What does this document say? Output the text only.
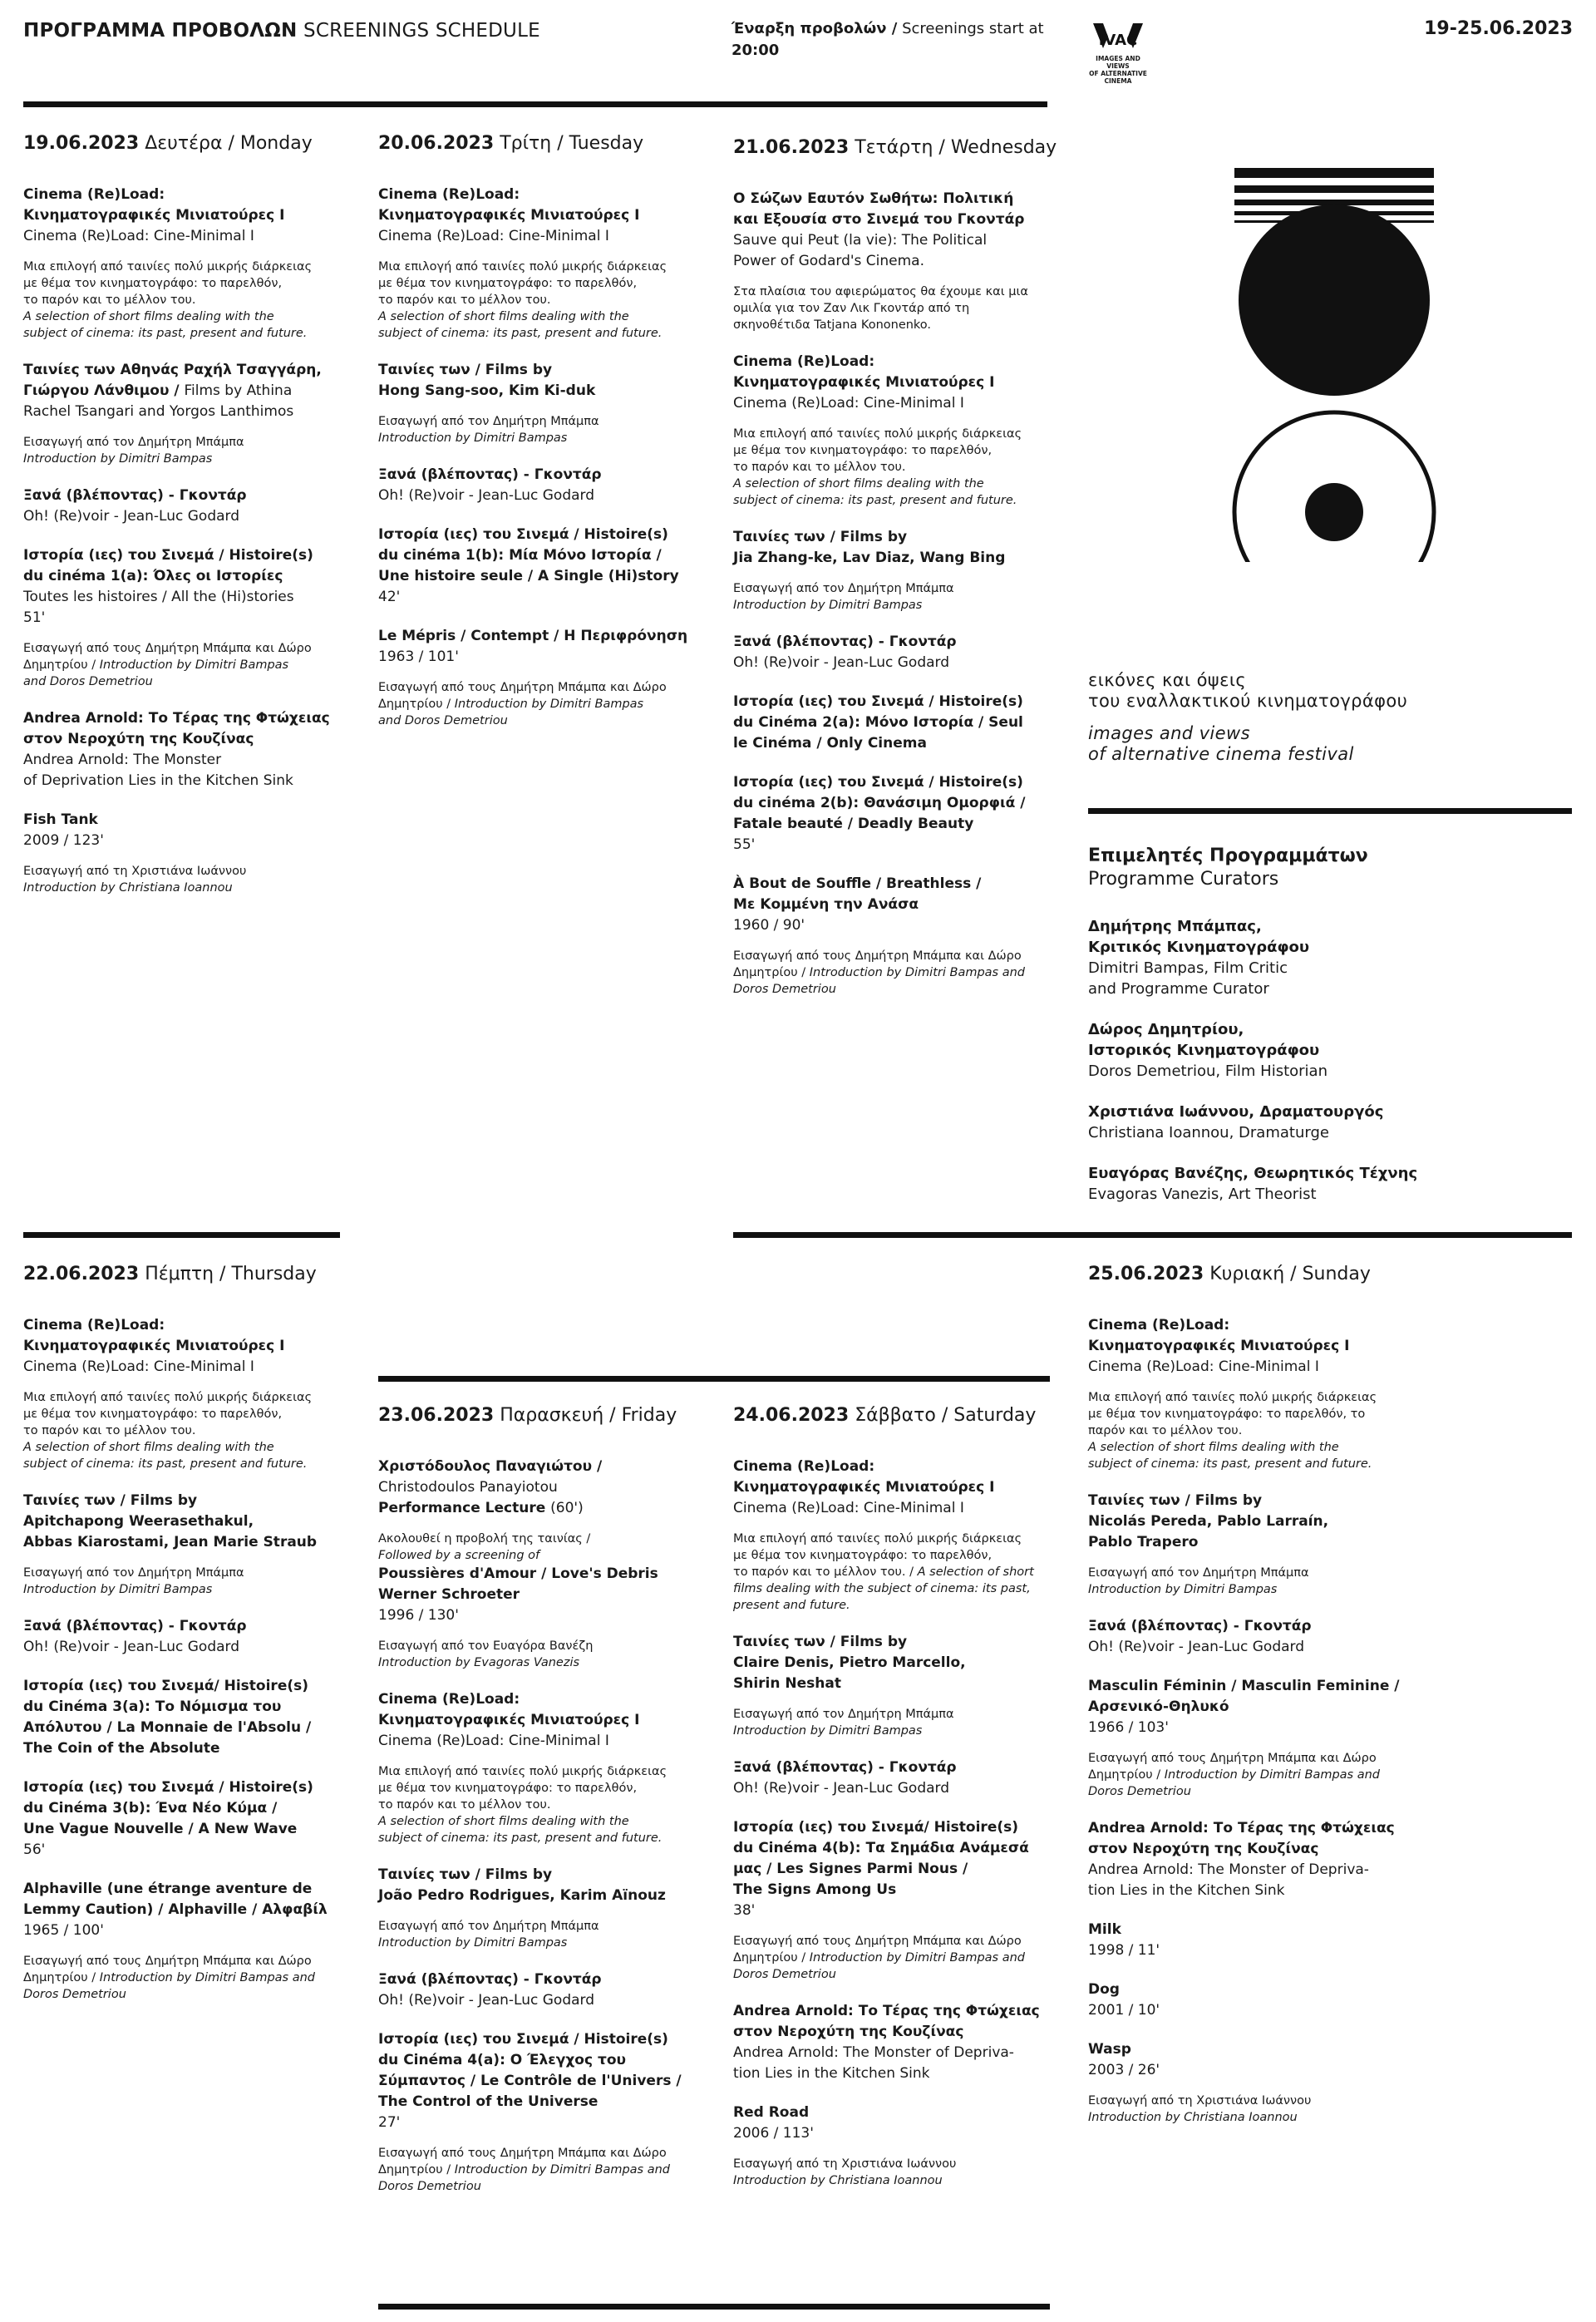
ΠΡΟΓΡΑΜΜΑ ΠΡΟΒΟΛΩΝ SCREENINGS SCHEDULE	Έναρξη προβολών / Screenings start at
20:00
IVAC
IMAGES AND VIEWS
OF ALTERNATIVE
CINEMA
19-25.06.2023
19.06.2023 Δευτέρα / Monday
Cinema (Re)Load:
Κινηματογραφικές Μινιατούρες I
Cinema (Re)Load: Cine-Minimal I
Μια επιλογή από ταινίες πολύ μικρής διάρκειας
με θέμα τον κινηματογράφο: το παρελθόν,
το παρόν και το μέλλον του.
A selection of short films dealing with the
subject of cinema: its past, present and future.
Ταινίες των Αθηνάς Ραχήλ Τσαγγάρη,
Γιώργου Λάνθιμου / Films by Athina
Rachel Tsangari and Yorgos Lanthimos
Εισαγωγή από τον Δημήτρη Μπάμπα
Introduction by Dimitri Bampas
Ξανά (βλέποντας) - Γκοντάρ
Oh! (Re)voir - Jean-Luc Godard
Ιστορία (ιες) του Σινεμά / Histoire(s)
du cinéma 1(a): Όλες οι Ιστορίες
Toutes les histoires / All the (Hi)stories
51'
Εισαγωγή από τους Δημήτρη Μπάμπα και Δώρο
Δημητρίου / Introduction by Dimitri Bampas
and Doros Demetriou
Andrea Arnold: Το Τέρας της Φτώχειας
στον Νεροχύτη της Κουζίνας
Andrea Arnold: The Monster
of Deprivation Lies in the Kitchen Sink
Fish Tank
2009 / 123'
Εισαγωγή από τη Χριστιάνα Ιωάννου
Introduction by Christiana Ioannou
20.06.2023 Τρίτη / Tuesday
Cinema (Re)Load:
Κινηματογραφικές Μινιατούρες I
Cinema (Re)Load: Cine-Minimal I
Μια επιλογή από ταινίες πολύ μικρής διάρκειας
με θέμα τον κινηματογράφο: το παρελθόν,
το παρόν και το μέλλον του.
A selection of short films dealing with the
subject of cinema: its past, present and future.
Ταινίες των / Films by
Hong Sang-soo, Kim Ki-duk
Εισαγωγή από τον Δημήτρη Μπάμπα
Introduction by Dimitri Bampas
Ξανά (βλέποντας) - Γκοντάρ
Oh! (Re)voir - Jean-Luc Godard
Ιστορία (ιες) του Σινεμά / Histoire(s)
du cinéma 1(b): Μία Μόνο Ιστορία /
Une histoire seule / A Single (Hi)story
42'
Le Mépris / Contempt / Η Περιφρόνηση
1963 / 101'
Εισαγωγή από τους Δημήτρη Μπάμπα και Δώρο
Δημητρίου / Introduction by Dimitri Bampas
and Doros Demetriou
21.06.2023 Τετάρτη / Wednesday
Ο Σώζων Εαυτόν Σωθήτω: Πολιτική
και Εξουσία στο Σινεμά του Γκοντάρ
Sauve qui Peut (la vie): The Political
Power of Godard's Cinema.
Στα πλαίσια του αφιερώματος θα έχουμε και μια
ομιλία για τον Ζαν Λικ Γκοντάρ από τη
σκηνοθέτιδα Tatjana Kononenko.
Cinema (Re)Load:
Κινηματογραφικές Μινιατούρες I
Cinema (Re)Load: Cine-Minimal I
Μια επιλογή από ταινίες πολύ μικρής διάρκειας
με θέμα τον κινηματογράφο: το παρελθόν,
το παρόν και το μέλλον του.
A selection of short films dealing with the
subject of cinema: its past, present and future.
Ταινίες των / Films by
Jia Zhang-ke, Lav Diaz, Wang Bing
Εισαγωγή από τον Δημήτρη Μπάμπα
Introduction by Dimitri Bampas
Ξανά (βλέποντας) - Γκοντάρ
Oh! (Re)voir - Jean-Luc Godard
Ιστορία (ιες) του Σινεμά / Histoire(s)
du Cinéma 2(a): Μόνο Ιστορία / Seul
le Cinéma / Only Cinema
Ιστορία (ιες) του Σινεμά / Histoire(s)
du cinéma 2(b): Θανάσιμη Ομορφιά /
Fatale beauté / Deadly Beauty
55'
À Bout de Souffle / Breathless /
Με Κομμένη την Ανάσα
1960 / 90'
Εισαγωγή από τους Δημήτρη Μπάμπα και Δώρο
Δημητρίου / Introduction by Dimitri Bampas and
Doros Demetriou
εικόνες και όψεις
του εναλλακτικού κινηματογράφου
images and views
of alternative cinema festival
Επιμελητές Προγραμμάτων
Programme Curators
Δημήτρης Μπάμπας,
Κριτικός Κινηματογράφου
Dimitri Bampas, Film Critic
and Programme Curator
Δώρος Δημητρίου,
Ιστορικός Κινηματογράφου
Doros Demetriou, Film Historian
Χριστιάνα Ιωάννου, Δραματουργός
Christiana Ioannou, Dramaturge
Ευαγόρας Βανέζης, Θεωρητικός Τέχνης
Evagoras Vanezis, Art Theorist
22.06.2023 Πέμπτη / Thursday
Cinema (Re)Load:
Κινηματογραφικές Μινιατούρες I
Cinema (Re)Load: Cine-Minimal I
Μια επιλογή από ταινίες πολύ μικρής διάρκειας
με θέμα τον κινηματογράφο: το παρελθόν,
το παρόν και το μέλλον του.
A selection of short films dealing with the
subject of cinema: its past, present and future.
Ταινίες των / Films by
Apitchapong Weerasethakul,
Abbas Kiarostami, Jean Marie Straub
Εισαγωγή από τον Δημήτρη Μπάμπα
Introduction by Dimitri Bampas
Ξανά (βλέποντας) - Γκοντάρ
Oh! (Re)voir - Jean-Luc Godard
Ιστορία (ιες) του Σινεμά/ Histoire(s)
du Cinéma 3(a): Το Νόμισμα του
Απόλυτου / La Monnaie de l'Absolu /
The Coin of the Absolute
Ιστορία (ιες) του Σινεμά / Histoire(s)
du Cinéma 3(b): Ένα Νέο Κύμα /
Une Vague Nouvelle / A New Wave
56'
Alphaville (une étrange aventure de
Lemmy Caution) / Alphaville / Αλφαβίλ
1965 / 100'
Εισαγωγή από τους Δημήτρη Μπάμπα και Δώρο
Δημητρίου / Introduction by Dimitri Bampas and
Doros Demetriou
25.06.2023 Κυριακή / Sunday
Cinema (Re)Load:
Κινηματογραφικές Μινιατούρες I
Cinema (Re)Load: Cine-Minimal I
Μια επιλογή από ταινίες πολύ μικρής διάρκειας
με θέμα τον κινηματογράφο: το παρελθόν, το
παρόν και το μέλλον του.
A selection of short films dealing with the
subject of cinema: its past, present and future.
Ταινίες των / Films by
Nicolás Pereda, Pablo Larraín,
Pablo Trapero
Εισαγωγή από τον Δημήτρη Μπάμπα
Introduction by Dimitri Bampas
Ξανά (βλέποντας) - Γκοντάρ
Oh! (Re)voir - Jean-Luc Godard
Masculin Féminin / Masculin Feminine /
Αρσενικό-Θηλυκό
1966 / 103'
Εισαγωγή από τους Δημήτρη Μπάμπα και Δώρο
Δημητρίου / Introduction by Dimitri Bampas and
Doros Demetriou
Andrea Arnold: Το Τέρας της Φτώχειας
στον Νεροχύτη της Κουζίνας
Andrea Arnold: The Monster of Depriva-
tion Lies in the Kitchen Sink
Milk
1998 / 11'
Dog
2001 / 10'
Wasp
2003 / 26'
Εισαγωγή από τη Χριστιάνα Ιωάννου
Introduction by Christiana Ioannou
23.06.2023 Παρασκευή / Friday
Χριστόδουλος Παναγιώτου /
Christodoulos Panayiotou
Performance Lecture (60')
Ακολουθεί η προβολή της ταινίας /
Followed by a screening of
Poussières d'Amour / Love's Debris
Werner Schroeter
1996 / 130'
Εισαγωγή από τον Ευαγόρα Βανέζη
Introduction by Evagoras Vanezis
Cinema (Re)Load:
Κινηματογραφικές Μινιατούρες I
Cinema (Re)Load: Cine-Minimal I
Μια επιλογή από ταινίες πολύ μικρής διάρκειας
με θέμα τον κινηματογράφο: το παρελθόν,
το παρόν και το μέλλον του.
A selection of short films dealing with the
subject of cinema: its past, present and future.
Ταινίες των / Films by
João Pedro Rodrigues, Karim Aïnouz
Εισαγωγή από τον Δημήτρη Μπάμπα
Introduction by Dimitri Bampas
Ξανά (βλέποντας) - Γκοντάρ
Oh! (Re)voir - Jean-Luc Godard
Ιστορία (ιες) του Σινεμά / Histoire(s)
du Cinéma 4(a): Ο Έλεγχος του
Σύμπαντος / Le Contrôle de l'Univers /
The Control of the Universe
27'
Εισαγωγή από τους Δημήτρη Μπάμπα και Δώρο
Δημητρίου / Introduction by Dimitri Bampas and
Doros Demetriou
24.06.2023 Σάββατο / Saturday
Cinema (Re)Load:
Κινηματογραφικές Μινιατούρες I
Cinema (Re)Load: Cine-Minimal I
Μια επιλογή από ταινίες πολύ μικρής διάρκειας
με θέμα τον κινηματογράφο: το παρελθόν,
το παρόν και το μέλλον του. / A selection of short
films dealing with the subject of cinema: its past,
present and future.
Ταινίες των / Films by
Claire Denis, Pietro Marcello,
Shirin Neshat
Εισαγωγή από τον Δημήτρη Μπάμπα
Introduction by Dimitri Bampas
Ξανά (βλέποντας) - Γκοντάρ
Oh! (Re)voir - Jean-Luc Godard
Ιστορία (ιες) του Σινεμά/ Histoire(s)
du Cinéma 4(b): Τα Σημάδια Ανάμεσά
μας / Les Signes Parmi Nous /
The Signs Among Us
38'
Εισαγωγή από τους Δημήτρη Μπάμπα και Δώρο
Δημητρίου / Introduction by Dimitri Bampas and
Doros Demetriou
Andrea Arnold: Το Τέρας της Φτώχειας
στον Νεροχύτη της Κουζίνας
Andrea Arnold: The Monster of Depriva-
tion Lies in the Kitchen Sink
Red Road
2006 / 113'
Εισαγωγή από τη Χριστιάνα Ιωάννου
Introduction by Christiana Ioannou
